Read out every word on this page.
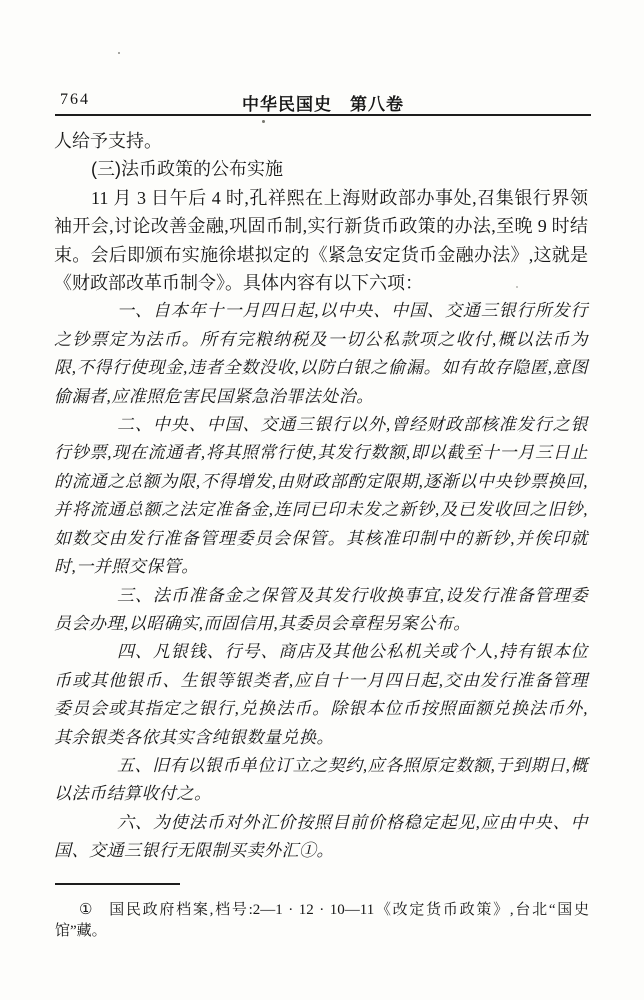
764	中华民国史　第八卷

人给予支持。

(三)法币政策的公布实施

11 月 3 日午后 4 时,孔祥熙在上海财政部办事处,召集银行界领袖开会,讨论改善金融,巩固币制,实行新货币政策的办法,至晚 9 时结束。会后即颁布实施徐堪拟定的《紧急安定货币金融办法》,这就是《财政部改革币制令》。具体内容有以下六项：

一、自本年十一月四日起,以中央、中国、交通三银行所发行之钞票定为法币。所有完粮纳税及一切公私款项之收付,概以法币为限,不得行使现金,违者全数没收,以防白银之偷漏。如有故存隐匿,意图偷漏者,应准照危害民国紧急治罪法处治。

二、中央、中国、交通三银行以外,曾经财政部核准发行之银行钞票,现在流通者,将其照常行使,其发行数额,即以截至十一月三日止的流通之总额为限,不得增发,由财政部酌定限期,逐渐以中央钞票换回,并将流通总额之法定准备金,连同已印未发之新钞,及已发收回之旧钞,如数交由发行准备管理委员会保管。其核准印制中的新钞,并俟印就时,一并照交保管。

三、法币准备金之保管及其发行收换事宜,设发行准备管理委员会办理,以昭确实,而固信用,其委员会章程另案公布。

四、凡银钱、行号、商店及其他公私机关或个人,持有银本位币或其他银币、生银等银类者,应自十一月四日起,交由发行准备管理委员会或其指定之银行,兑换法币。除银本位币按照面额兑换法币外,其余银类各依其实含纯银数量兑换。

五、旧有以银币单位订立之契约,应各照原定数额,于到期日,概以法币结算收付之。

六、为使法币对外汇价按照目前价格稳定起见,应由中央、中国、交通三银行无限制买卖外汇①。

① 国民政府档案,档号:2—1 · 12 · 10—11《改定货币政策》,台北“国史馆”藏。
